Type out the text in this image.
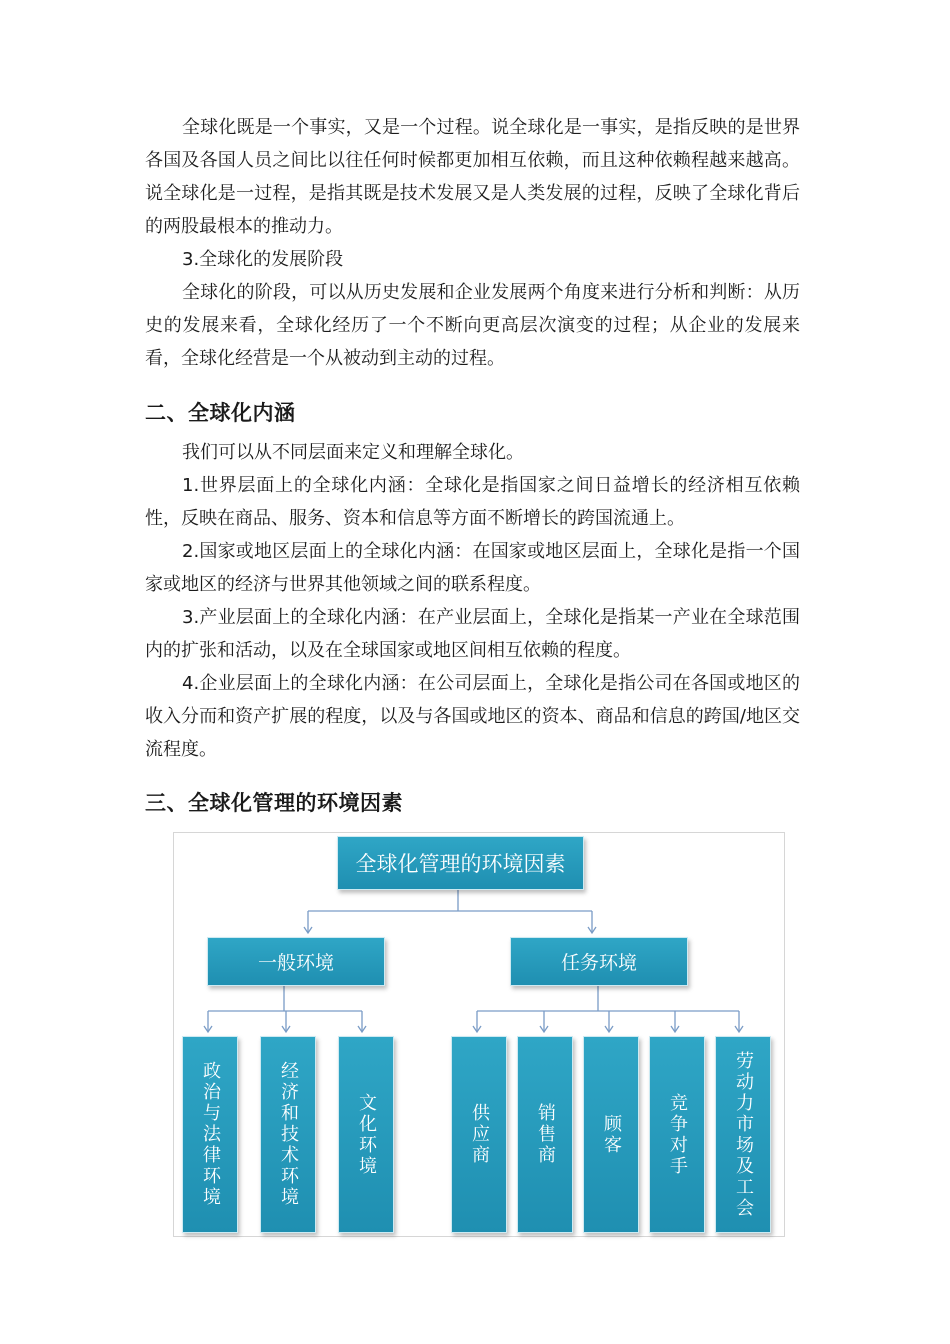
全球化既是一个事实，又是一个过程。说全球化是一事实，是指反映的是世界各国及各国人员之间比以往任何时候都更加相互依赖，而且这种依赖程越来越高。说全球化是一过程，是指其既是技术发展又是人类发展的过程，反映了全球化背后的两股最根本的推动力。

3.全球化的发展阶段

全球化的阶段，可以从历史发展和企业发展两个角度来进行分析和判断：从历史的发展来看，全球化经历了一个不断向更高层次演变的过程；从企业的发展来看，全球化经营是一个从被动到主动的过程。

二、全球化内涵

我们可以从不同层面来定义和理解全球化。

1.世界层面上的全球化内涵：全球化是指国家之间日益增长的经济相互依赖性，反映在商品、服务、资本和信息等方面不断增长的跨国流通上。

2.国家或地区层面上的全球化内涵：在国家或地区层面上，全球化是指一个国家或地区的经济与世界其他领域之间的联系程度。

3.产业层面上的全球化内涵：在产业层面上，全球化是指某一产业在全球范围内的扩张和活动，以及在全球国家或地区间相互依赖的程度。

4.企业层面上的全球化内涵：在公司层面上，全球化是指公司在各国或地区的收入分而和资产扩展的程度，以及与各国或地区的资本、商品和信息的跨国/地区交流程度。

三、全球化管理的环境因素
全球化管理的环境因素
一般环境	任务环境
政治与法律环境	经济和技术环境	文化环境	供应商	销售商	顾客	竞争对手	劳动力市场及工会
